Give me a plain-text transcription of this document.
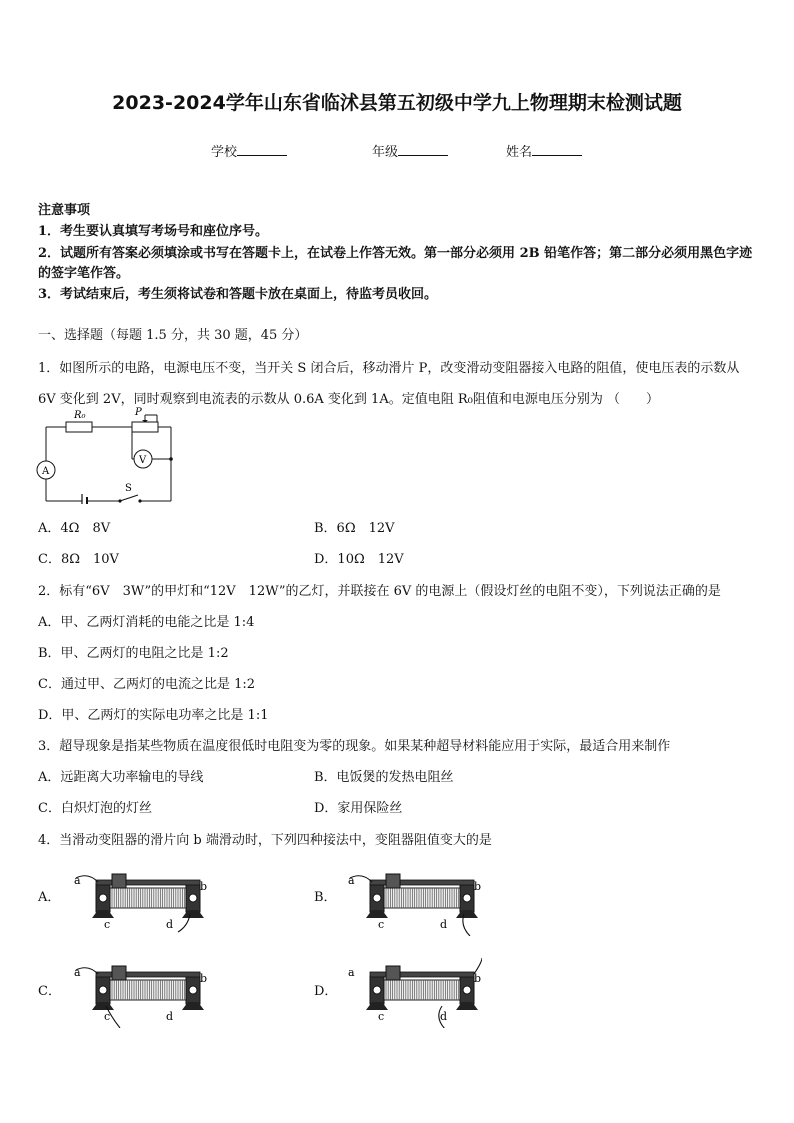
2023-2024学年山东省临沭县第五初级中学九上物理期末检测试题
学校	年级	姓名
注意事项
1．考生要认真填写考场号和座位序号。
2．试题所有答案必须填涂或书写在答题卡上，在试卷上作答无效。第一部分必须用 2B 铅笔作答；第二部分必须用黑色字迹的签字笔作答。
3．考试结束后，考生须将试卷和答题卡放在桌面上，待监考员收回。
一、选择题（每题 1.5 分，共 30 题，45 分）
1．如图所示的电路，电源电压不变，当开关 S 闭合后，移动滑片 P，改变滑动变阻器接入电路的阻值，使电压表的示数从 6V 变化到 2V，同时观察到电流表的示数从 0.6A 变化到 1A。定值电阻 R₀阻值和电源电压分别为 （　　）
R₀	P
V
A
S
A．4Ω　8V	B．6Ω　12V
C．8Ω　10V	D．10Ω　12V
2．标有“6V　3W”的甲灯和“12V　12W”的乙灯，并联接在 6V 的电源上（假设灯丝的电阻不变），下列说法正确的是
A．甲、乙两灯消耗的电能之比是 1:4
B．甲、乙两灯的电阻之比是 1:2
C．通过甲、乙两灯的电流之比是 1:2
D．甲、乙两灯的实际电功率之比是 1:1
3．超导现象是指某些物质在温度很低时电阻变为零的现象。如果某种超导材料能应用于实际，最适合用来制作
A．远距离大功率输电的导线	B．电饭煲的发热电阻丝
C．白炽灯泡的灯丝	D．家用保险丝
4．当滑动变阻器的滑片向 b 端滑动时，下列四种接法中，变阻器阻值变大的是
A．	B．
C．	D．
a	b
c	d
a	b
c	d
a	b
c	d
a	b
c	d
